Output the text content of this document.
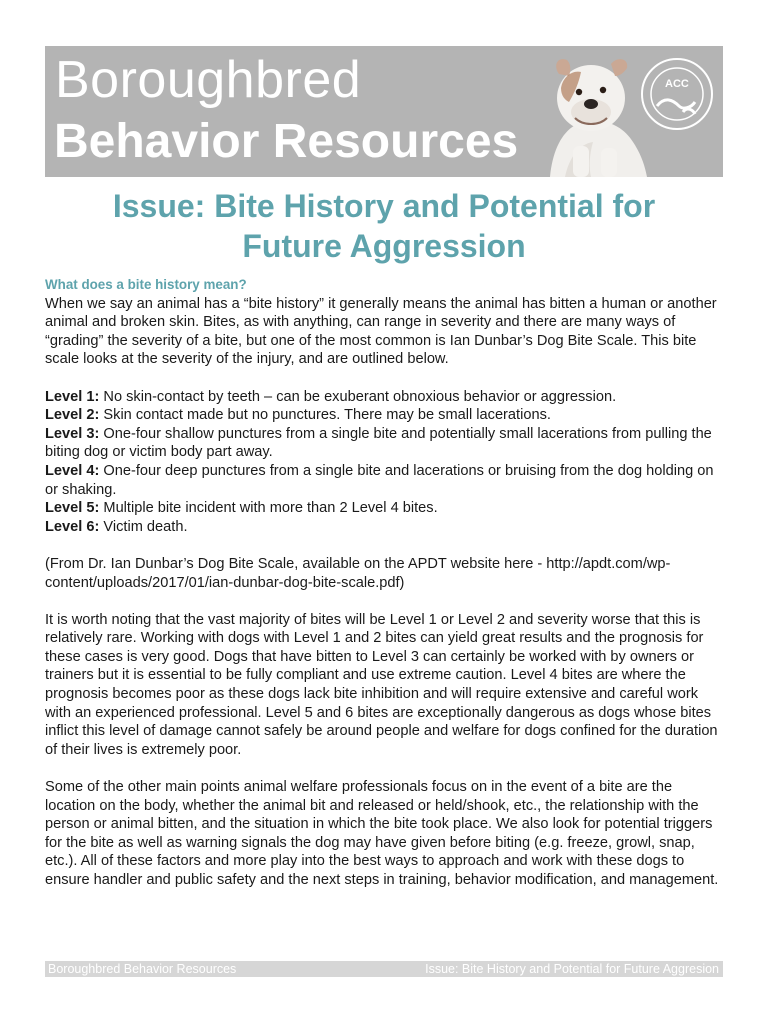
Boroughbred
Behavior Resources
ACC
Issue: Bite History and Potential for
Future Aggression

What does a bite history mean?

When we say an animal has a “bite history” it generally means the animal has bitten a human or another animal and broken skin. Bites, as with anything, can range in severity and there are many ways of “grading” the severity of a bite, but one of the most common is Ian Dunbar’s Dog Bite Scale. This bite scale looks at the severity of the injury, and are outlined below.

Level 1: No skin-contact by teeth – can be exuberant obnoxious behavior or aggression.

Level 2: Skin contact made but no punctures. There may be small lacerations.

Level 3: One-four shallow punctures from a single bite and potentially small lacerations from pulling the biting dog or victim body part away.

Level 4: One-four deep punctures from a single bite and lacerations or bruising from the dog holding on or shaking.

Level 5: Multiple bite incident with more than 2 Level 4 bites.

Level 6: Victim death.

(From Dr. Ian Dunbar’s Dog Bite Scale, available on the APDT website here - http://apdt.com/wp-content/uploads/2017/01/ian-dunbar-dog-bite-scale.pdf)

It is worth noting that the vast majority of bites will be Level 1 or Level 2 and severity worse that this is relatively rare. Working with dogs with Level 1 and 2 bites can yield great results and the prognosis for these cases is very good. Dogs that have bitten to Level 3 can certainly be worked with by owners or trainers but it is essential to be fully compliant and use extreme caution. Level 4 bites are where the prognosis becomes poor as these dogs lack bite inhibition and will require extensive and careful work with an experienced professional. Level 5 and 6 bites are exceptionally dangerous as dogs whose bites inflict this level of damage cannot safely be around people and welfare for dogs confined for the duration of their lives is extremely poor.

Some of the other main points animal welfare professionals focus on in the event of a bite are the location on the body, whether the animal bit and released or held/shook, etc., the relationship with the person or animal bitten, and the situation in which the bite took place. We also look for potential triggers for the bite as well as warning signals the dog may have given before biting (e.g. freeze, growl, snap, etc.). All of these factors and more play into the best ways to approach and work with these dogs to ensure handler and public safety and the next steps in training, behavior modification, and management.

Boroughbred Behavior Resources	Issue: Bite History and Potential for Future Aggresion
